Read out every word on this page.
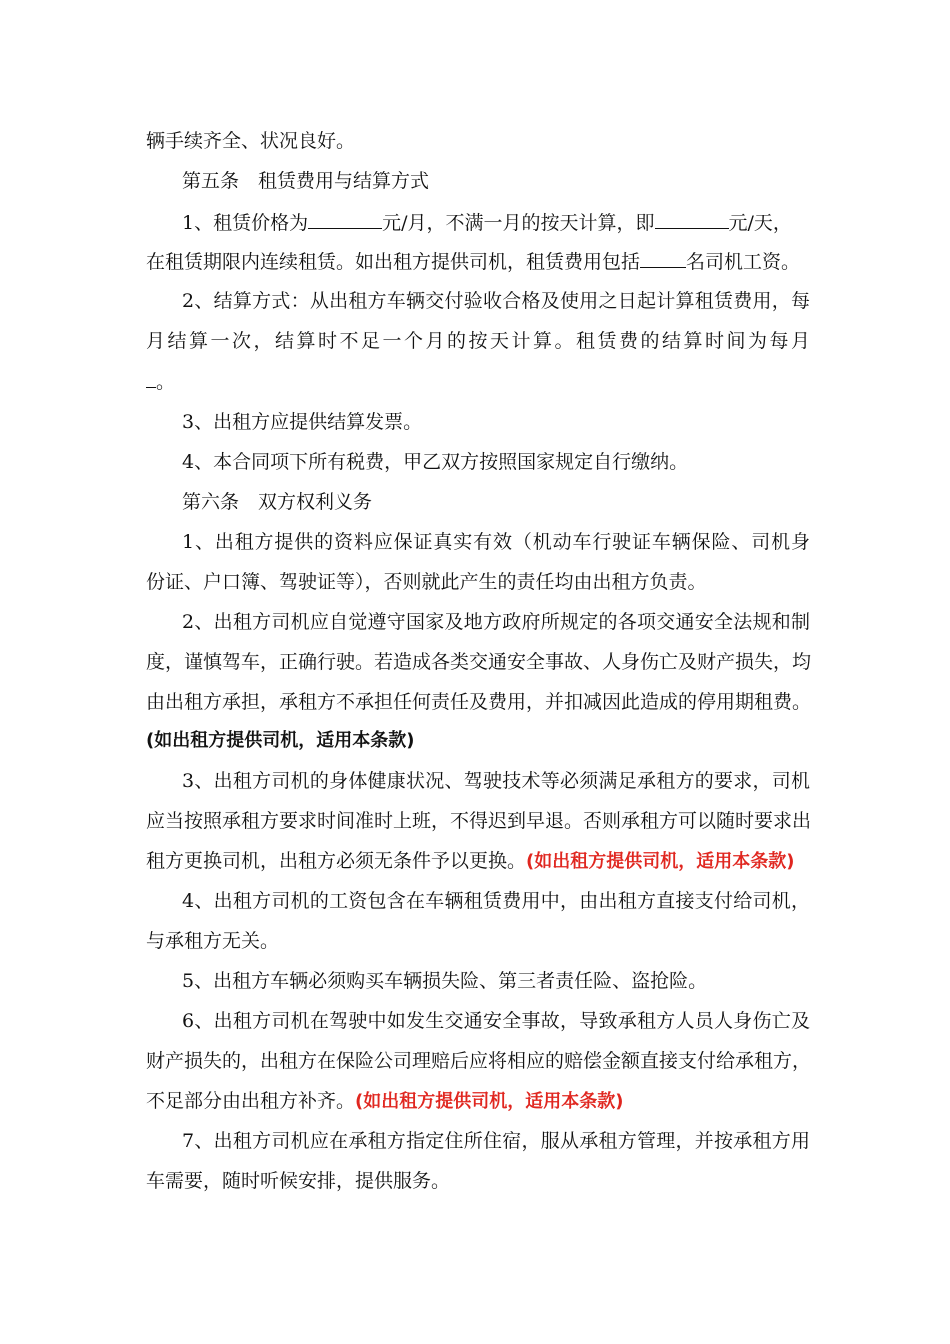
辆手续齐全、状况良好。
第五条　租赁费用与结算方式
1、租赁价格为	元/月，不满一月的按天计算，即	元/天，
在租赁期限内连续租赁。如出租方提供司机，租赁费用包括 名司机工资。
2、结算方式：从出租方车辆交付验收合格及使用之日起计算租赁费用，每
月结算一次，结算时不足一个月的按天计算。租赁费的结算时间为每月
。
3、出租方应提供结算发票。
4、本合同项下所有税费，甲乙双方按照国家规定自行缴纳。
第六条　双方权利义务
1、出租方提供的资料应保证真实有效（机动车行驶证车辆保险、司机身
份证、户口簿、驾驶证等），否则就此产生的责任均由出租方负责。
2、出租方司机应自觉遵守国家及地方政府所规定的各项交通安全法规和制
度，谨慎驾车，正确行驶。若造成各类交通安全事故、人身伤亡及财产损失，均
由出租方承担，承租方不承担任何责任及费用，并扣减因此造成的停用期租费。
(如出租方提供司机，适用本条款)
3、出租方司机的身体健康状况、驾驶技术等必须满足承租方的要求，司机
应当按照承租方要求时间准时上班，不得迟到早退。否则承租方可以随时要求出
租方更换司机，出租方必须无条件予以更换。(如出租方提供司机，适用本条款)
4、出租方司机的工资包含在车辆租赁费用中，由出租方直接支付给司机，
与承租方无关。
5、出租方车辆必须购买车辆损失险、第三者责任险、盗抢险。
6、出租方司机在驾驶中如发生交通安全事故，导致承租方人员人身伤亡及
财产损失的，出租方在保险公司理赔后应将相应的赔偿金额直接支付给承租方，
不足部分由出租方补齐。(如出租方提供司机，适用本条款)
7、出租方司机应在承租方指定住所住宿，服从承租方管理，并按承租方用
车需要，随时听候安排，提供服务。
